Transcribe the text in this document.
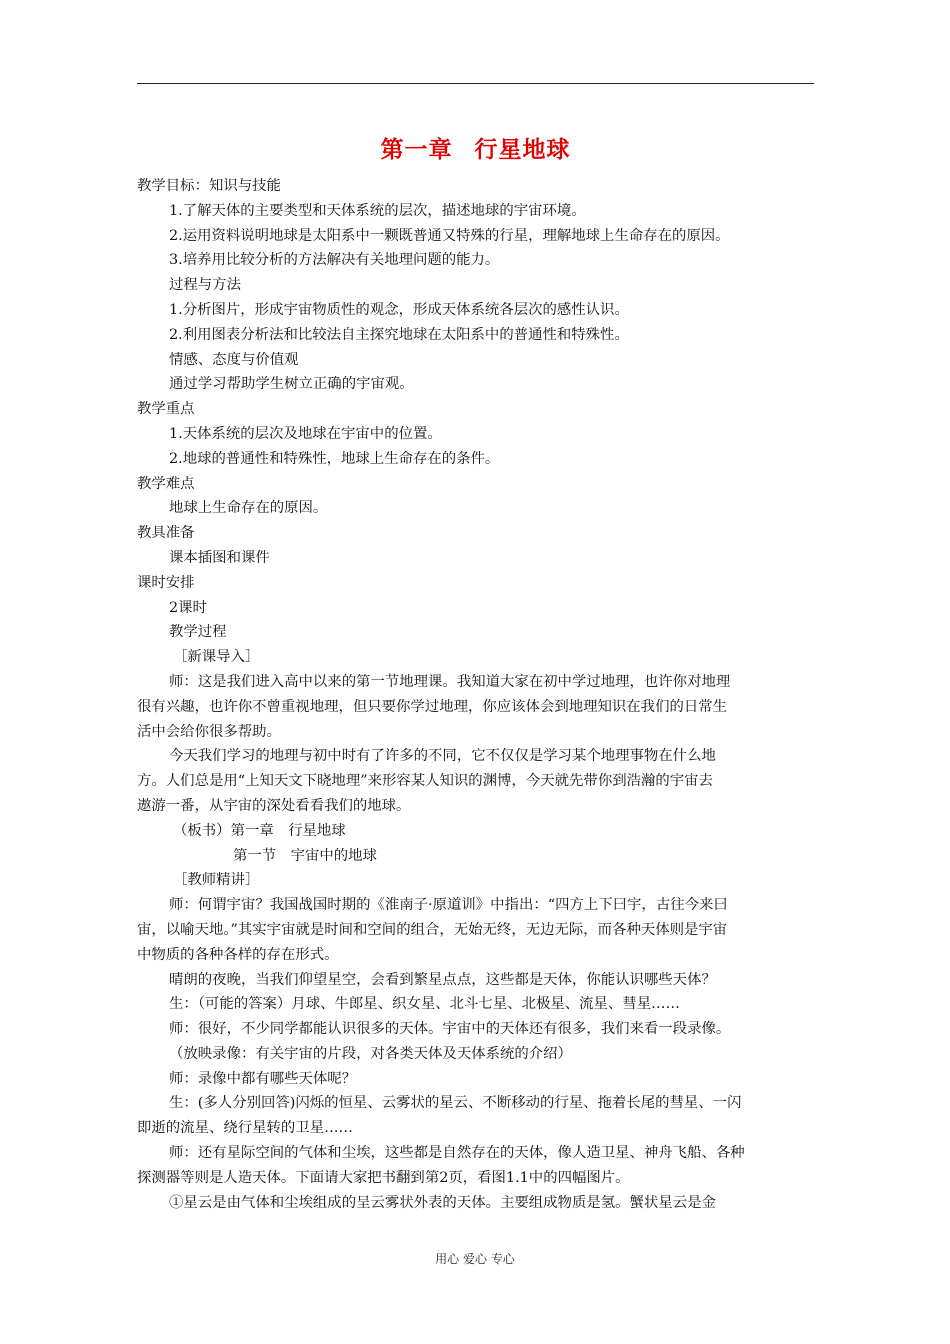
第一章 行星地球
教学目标：知识与技能
1.了解天体的主要类型和天体系统的层次，描述地球的宇宙环境。
2.运用资料说明地球是太阳系中一颗既普通又特殊的行星，理解地球上生命存在的原因。
3.培养用比较分析的方法解决有关地理问题的能力。
过程与方法
1.分析图片，形成宇宙物质性的观念，形成天体系统各层次的感性认识。
2.利用图表分析法和比较法自主探究地球在太阳系中的普通性和特殊性。
情感、态度与价值观
通过学习帮助学生树立正确的宇宙观。
教学重点
1.天体系统的层次及地球在宇宙中的位置。
2.地球的普通性和特殊性，地球上生命存在的条件。
教学难点
地球上生命存在的原因。
教具准备
课本插图和课件
课时安排
2课时
教学过程
［新课导入］
师：这是我们进入高中以来的第一节地理课。我知道大家在初中学过地理，也许你对地理
很有兴趣，也许你不曾重视地理，但只要你学过地理，你应该体会到地理知识在我们的日常生
活中会给你很多帮助。
今天我们学习的地理与初中时有了许多的不同，它不仅仅是学习某个地理事物在什么地
方。人们总是用“上知天文下晓地理”来形容某人知识的渊博，今天就先带你到浩瀚的宇宙去
遨游一番，从宇宙的深处看看我们的地球。
（板书）第一章　行星地球
第一节　宇宙中的地球
［教师精讲］
师：何谓宇宙？我国战国时期的《淮南子·原道训》中指出：“四方上下曰宇，古往今来曰
宙，以喻天地。”其实宇宙就是时间和空间的组合，无始无终，无边无际，而各种天体则是宇宙
中物质的各种各样的存在形式。
晴朗的夜晚，当我们仰望星空，会看到繁星点点，这些都是天体，你能认识哪些天体？
生：（可能的答案）月球、牛郎星、织女星、北斗七星、北极星、流星、彗星……
师：很好，不少同学都能认识很多的天体。宇宙中的天体还有很多，我们来看一段录像。
（放映录像：有关宇宙的片段，对各类天体及天体系统的介绍）
师：录像中都有哪些天体呢？
生：(多人分别回答)闪烁的恒星、云雾状的星云、不断移动的行星、拖着长尾的彗星、一闪
即逝的流星、绕行星转的卫星……
师：还有星际空间的气体和尘埃，这些都是自然存在的天体，像人造卫星、神舟飞船、各种
探测器等则是人造天体。下面请大家把书翻到第2页，看图1.1中的四幅图片。
①星云是由气体和尘埃组成的呈云雾状外表的天体。主要组成物质是氢。蟹状星云是金
用心 爱心 专心
